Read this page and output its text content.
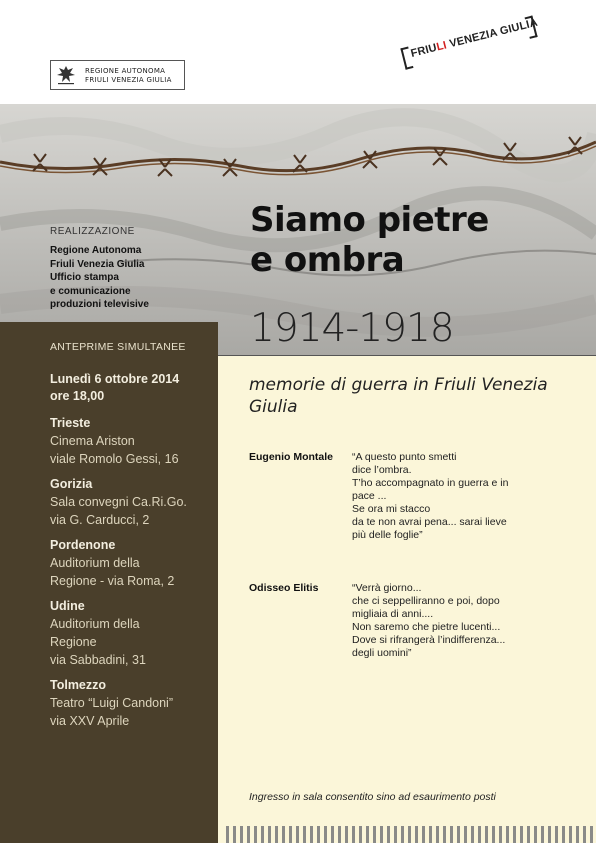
REGIONE AUTONOMA
FRIULI VENEZIA GIULIA
FRIULI VENEZIA GIULIA
REALIZZAZIONE
Regione Autonoma
Friuli Venezia Giulia
Ufficio stampa
e comunicazione
produzioni televisive
Siamo pietre
e ombra
1914-1918
memorie di guerra in Friuli Venezia Giulia
ANTEPRIME SIMULTANEE
Lunedì 6 ottobre 2014
ore 18,00
Trieste
Cinema Ariston
viale Romolo Gessi, 16
Gorizia
Sala convegni Ca.Ri.Go.
via G. Carducci, 2
Pordenone
Auditorium della
Regione - via Roma, 2
Udine
Auditorium della
Regione
via Sabbadini, 31
Tolmezzo
Teatro “Luigi Candoni”
via XXV Aprile
Eugenio Montale “A questo punto smetti
dice l’ombra.
T’ho accompagnato in guerra e in
pace ...
Se ora mi stacco
da te non avrai pena... sarai lieve
più delle foglie”
Odisseo Elitis	“Verrà giorno...
che ci seppelliranno e poi, dopo
migliaia di anni....
Non saremo che pietre lucenti...
Dove si rifrangerà l’indifferenza...
degli uomini”
Ingresso in sala consentito sino ad esaurimento posti
